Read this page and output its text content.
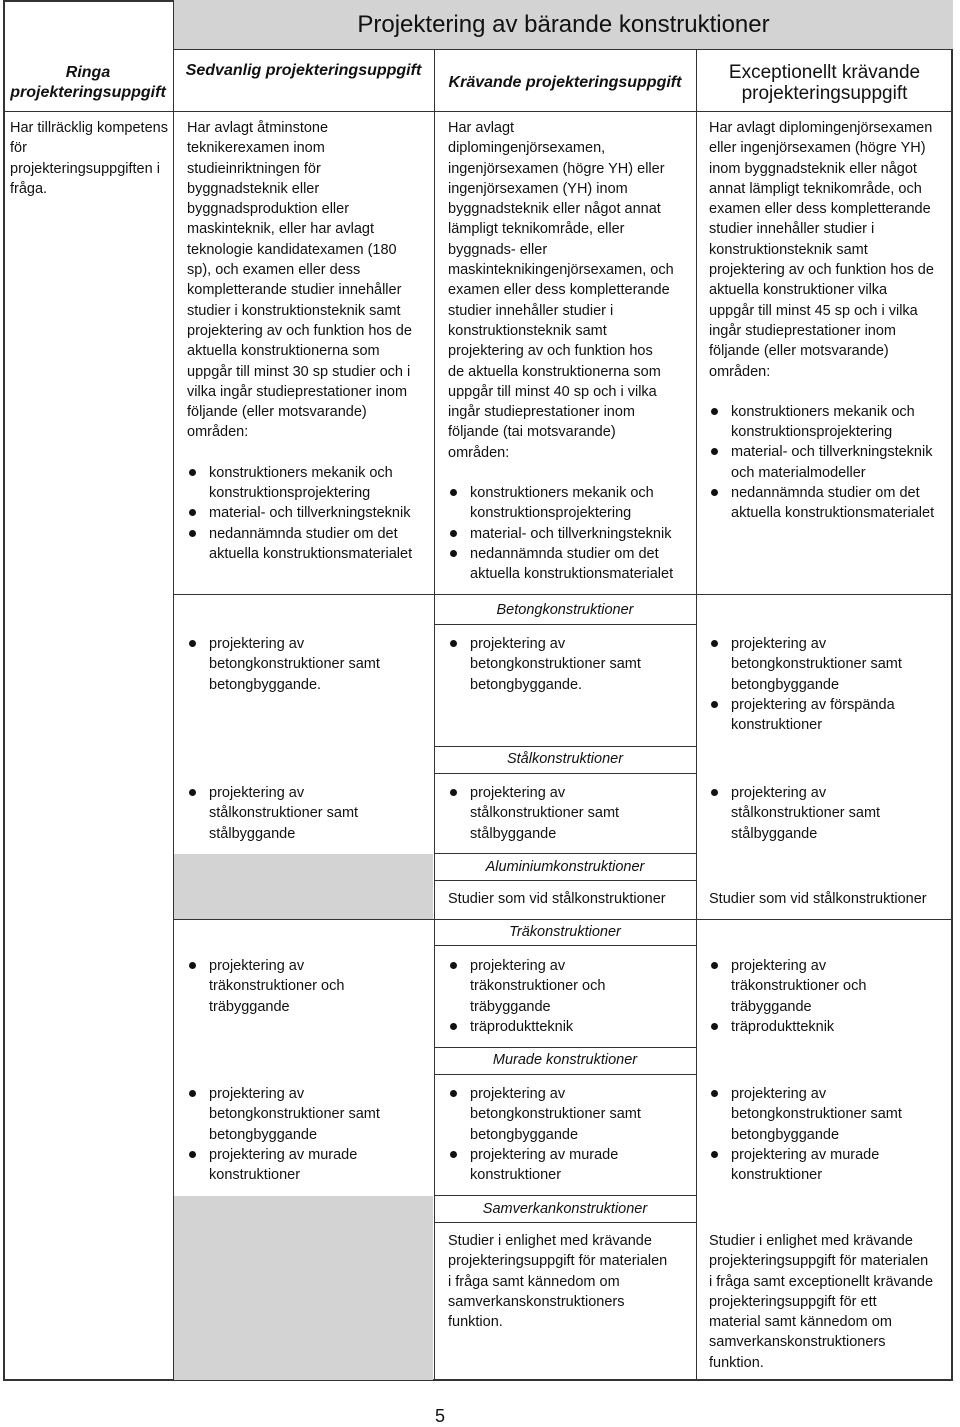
Projektering av bärande konstruktioner
Ringa projekteringsuppgift
Sedvanlig projekteringsuppgift
Krävande projekteringsuppgift	Exceptionellt krävande projekteringsuppgift
Har tillräcklig kompetens för projekteringsuppgiften i fråga.
Har avlagt åtminstone
teknikerexamen inom
studieinriktningen för
byggnadsteknik eller
byggnadsproduktion eller
maskinteknik, eller har avlagt
teknologie kandidatexamen (180
sp), och examen eller dess
kompletterande studier innehåller
studier i konstruktionsteknik samt
projektering av och funktion hos de
aktuella konstruktionerna som
uppgår till minst 30 sp studier och i
vilka ingår studieprestationer inom
följande (eller motsvarande)
områden:
konstruktioners mekanik och
konstruktionsprojektering
material- och tillverkningsteknik
nedannämnda studier om det
aktuella konstruktionsmaterialet
Har avlagt
diplomingenjörsexamen,
ingenjörsexamen (högre YH) eller
ingenjörsexamen (YH) inom
byggnadsteknik eller något annat
lämpligt teknikområde, eller
byggnads- eller
maskinteknikingenjörsexamen, och
examen eller dess kompletterande
studier innehåller studier i
konstruktionsteknik samt
projektering av och funktion hos
de aktuella konstruktionerna som
uppgår till minst 40 sp och i vilka
ingår studieprestationer inom
följande (tai motsvarande)
områden:
konstruktioners mekanik och
konstruktionsprojektering
material- och tillverkningsteknik
nedannämnda studier om det
aktuella konstruktionsmaterialet
Har avlagt diplomingenjörsexamen
eller ingenjörsexamen (högre YH)
inom byggnadsteknik eller något
annat lämpligt teknikområde, och
examen eller dess kompletterande
studier innehåller studier i
konstruktionsteknik samt
projektering av och funktion hos de
aktuella konstruktioner vilka
uppgår till minst 45 sp och i vilka
ingår studieprestationer inom
följande (eller motsvarande)
områden:
konstruktioners mekanik och
konstruktionsprojektering
material- och tillverkningsteknik
och materialmodeller
nedannämnda studier om det
aktuella konstruktionsmaterialet
Betongkonstruktioner
projektering av
betongkonstruktioner samt
betongbyggande.
projektering av
betongkonstruktioner samt
betongbyggande.
projektering av
betongkonstruktioner samt
betongbyggande
projektering av förspända
konstruktioner
Stålkonstruktioner
projektering av
stålkonstruktioner samt
stålbyggande
projektering av
stålkonstruktioner samt
stålbyggande
projektering av
stålkonstruktioner samt
stålbyggande
Aluminiumkonstruktioner
Studier som vid stålkonstruktioner	Studier som vid stålkonstruktioner
Träkonstruktioner
projektering av
träkonstruktioner och
träbyggande
projektering av
träkonstruktioner och
träbyggande
träproduktteknik
projektering av
träkonstruktioner och
träbyggande
träproduktteknik
Murade konstruktioner
projektering av
betongkonstruktioner samt
betongbyggande
projektering av murade
konstruktioner
projektering av
betongkonstruktioner samt
betongbyggande
projektering av murade
konstruktioner
projektering av
betongkonstruktioner samt
betongbyggande
projektering av murade
konstruktioner
Samverkankonstruktioner
Studier i enlighet med krävande
projekteringsuppgift för materialen
i fråga samt kännedom om
samverkanskonstruktioners
funktion.
Studier i enlighet med krävande
projekteringsuppgift för materialen
i fråga samt exceptionellt krävande
projekteringsuppgift för ett
material samt kännedom om
samverkanskonstruktioners
funktion.
5
